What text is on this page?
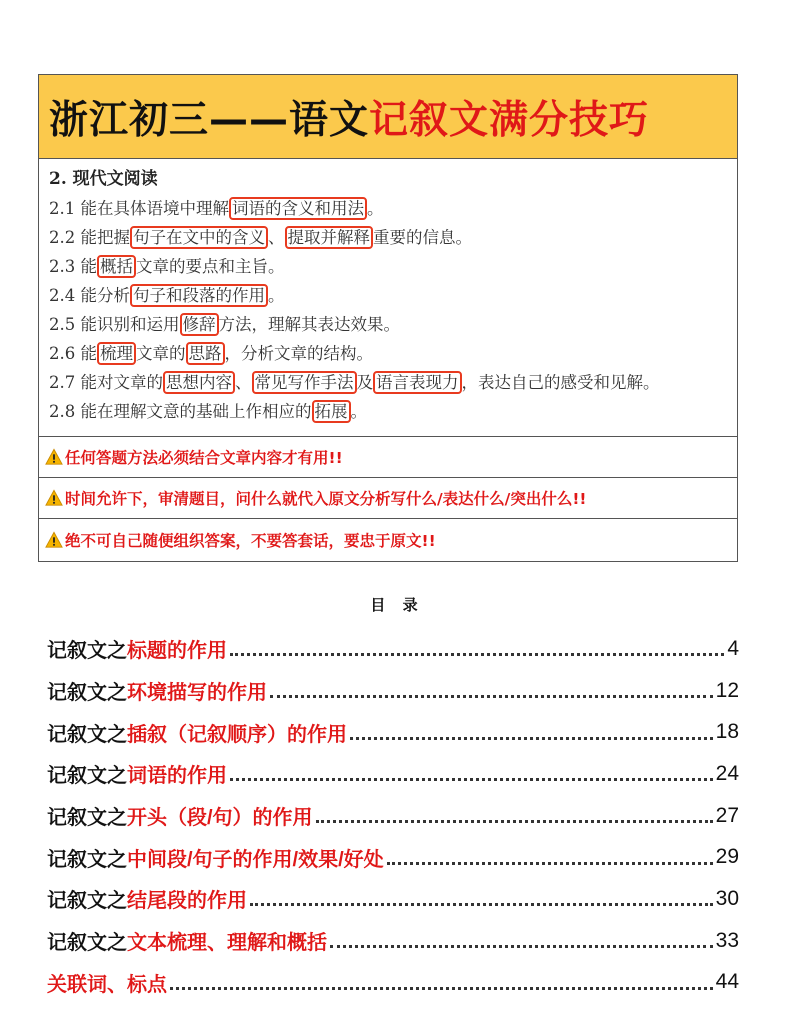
浙江初三——语文 记叙文满分技巧
2. 现代文阅读
2.1 能在具体语境中理解 词语的含义和用法 。
2.2 能把握 句子在文中的含义 、 提取并解释 重要的信息。
2.3 能 概括 文章的要点和主旨。
2.4 能分析 句子和段落的作用 。
2.5 能识别和运用 修辞 方法，理解其表达效果。
2.6 能 梳理 文章的 思路 ，分析文章的结构。
2.7 能对文章的 思想内容 、 常见写作手法 及 语言表现力 ，表达自己的感受和见解。
2.8 能在理解文意的基础上作相应的 拓展 。
任何答题方法必须结合文章内容才有用!!
时间允许下，审清题目，问什么就代入原文分析写什么/表达什么/突出什么!!
绝不可自己随便组织答案，不要答套话，要忠于原文!!
目 录
记叙文之 标题的作用	4
记叙文之 环境描写的作用	12
记叙文之 插叙（记叙顺序）的作用	18
记叙文之 词语的作用	24
记叙文之 开头（段/句）的作用	27
记叙文之 中间段/句子的作用/效果/好处	29
记叙文之 结尾段的作用	30
记叙文之 文本梳理、理解和概括	33
关联词、标点	44
